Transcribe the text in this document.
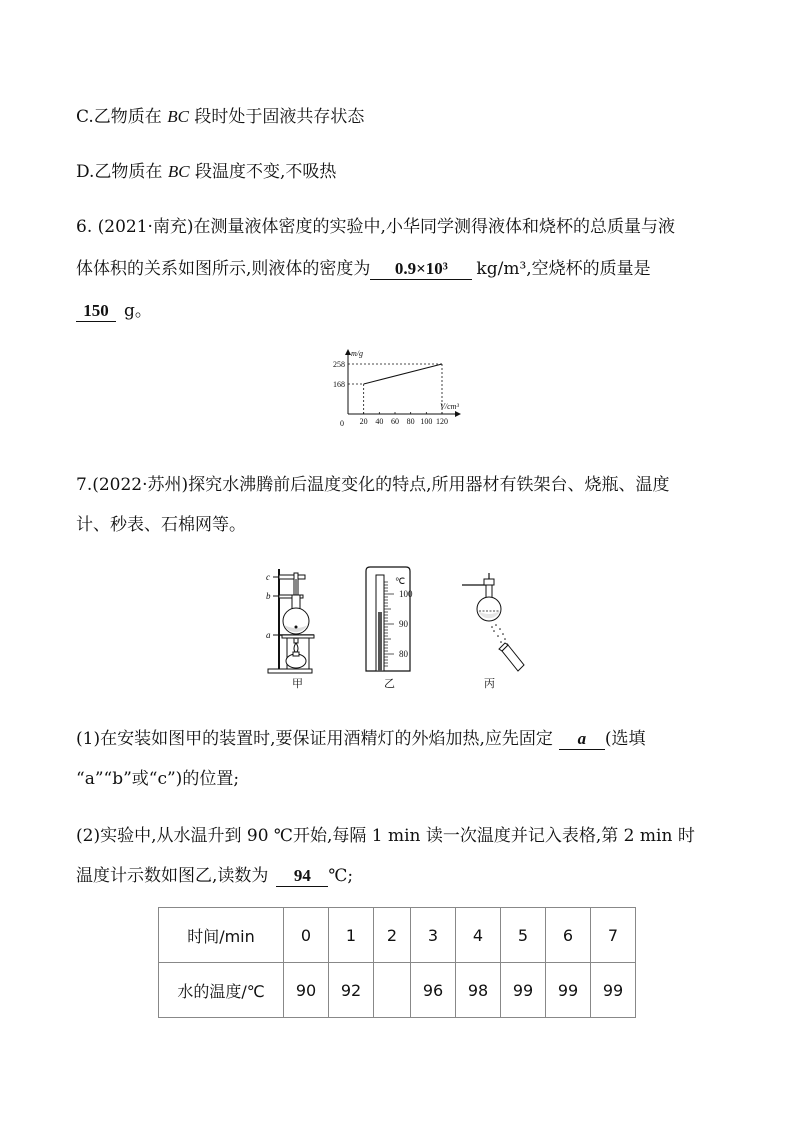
C.乙物质在 BC 段时处于固液共存状态
D.乙物质在 BC 段温度不变,不吸热
6. (2021·南充)在测量液体密度的实验中,小华同学测得液体和烧杯的总质量与液
体体积的关系如图所示,则液体的密度为 0.9×10³ kg/m³,空烧杯的质量是
150 g。
m/g
V/cm³
0
258
168
20 40 60 80 100 120
7.(2022·苏州)探究水沸腾前后温度变化的特点,所用器材有铁架台、烧瓶、温度
计、秒表、石棉网等。
c
b
a
甲
℃
100
90
80
乙	丙
(1)在安装如图甲的装置时,要保证用酒精灯的外焰加热,应先固定 a (选填
“a”“b”或“c”)的位置;
(2)实验中,从水温升到 90 ℃开始,每隔 1 min 读一次温度并记入表格,第 2 min 时
温度计示数如图乙,读数为 94 ℃;
时间/min	0	1	2	3	4	5	6	7
水的温度/℃	90	92		96	98	99	99	99
